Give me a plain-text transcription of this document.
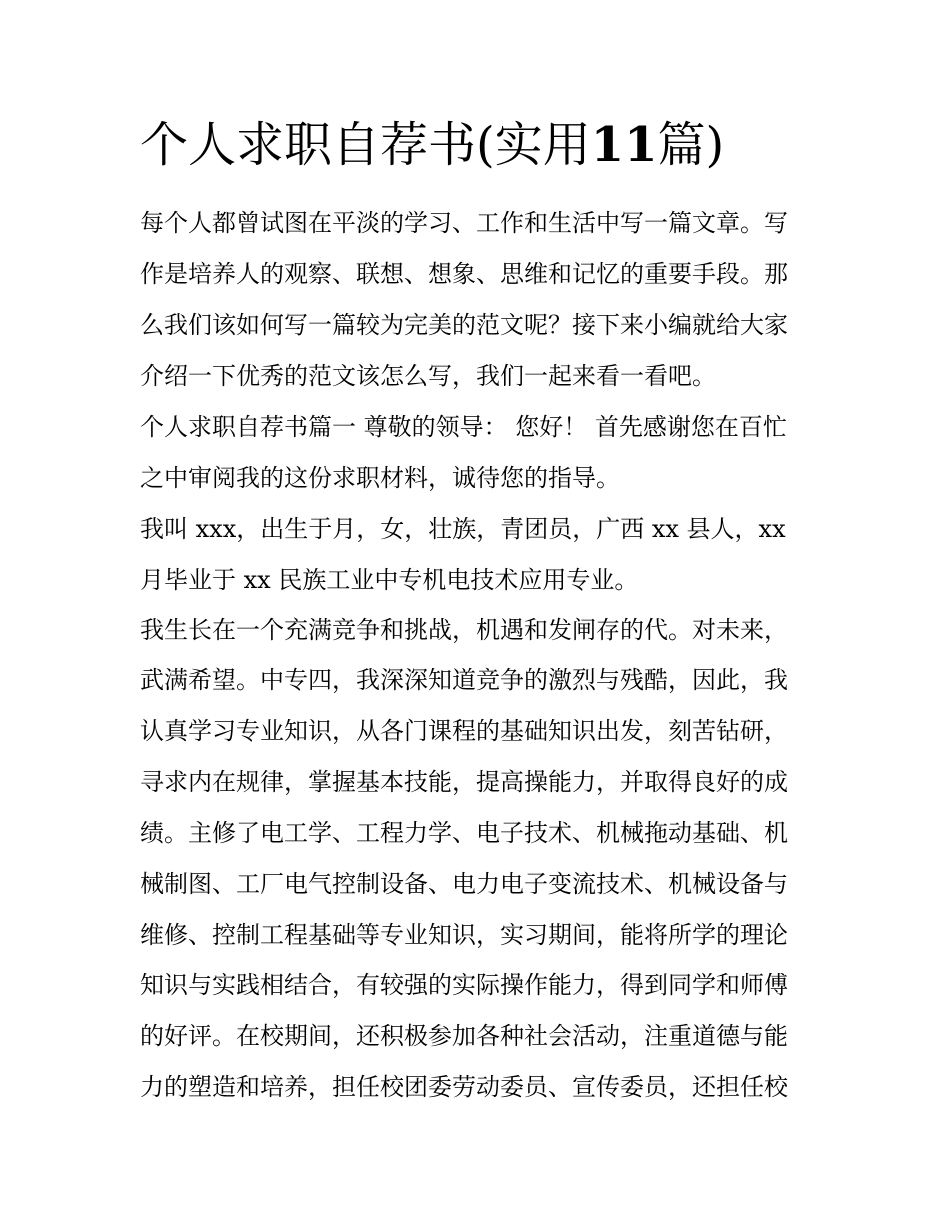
个人求职自荐书(实用11篇)

每个人都曾试图在平淡的学习、工作和生活中写一篇文章。写

作是培养人的观察、联想、想象、思维和记忆的重要手段。那

么我们该如何写一篇较为完美的范文呢？接下来小编就给大家

介绍一下优秀的范文该怎么写，我们一起来看一看吧。

个人求职自荐书篇一 尊敬的领导： 您好！ 首先感谢您在百忙

之中审阅我的这份求职材料，诚待您的指导。

我叫 xxx，出生于月，女，壮族，青团员，广西 xx 县人，xx

月毕业于 xx 民族工业中专机电技术应用专业。

我生长在一个充满竞争和挑战，机遇和发闸存的代。对未来，

武满希望。中专四，我深深知道竞争的激烈与残酷，因此，我

认真学习专业知识，从各门课程的基础知识出发，刻苦钻研，

寻求内在规律，掌握基本技能，提高操能力，并取得良好的成

绩。主修了电工学、工程力学、电子技术、机械拖动基础、机

械制图、工厂电气控制设备、电力电子变流技术、机械设备与

维修、控制工程基础等专业知识，实习期间，能将所学的理论

知识与实践相结合，有较强的实际操作能力，得到同学和师傅

的好评。在校期间，还积极参加各种社会活动，注重道德与能

力的塑造和培养，担任校团委劳动委员、宣传委员，还担任校
